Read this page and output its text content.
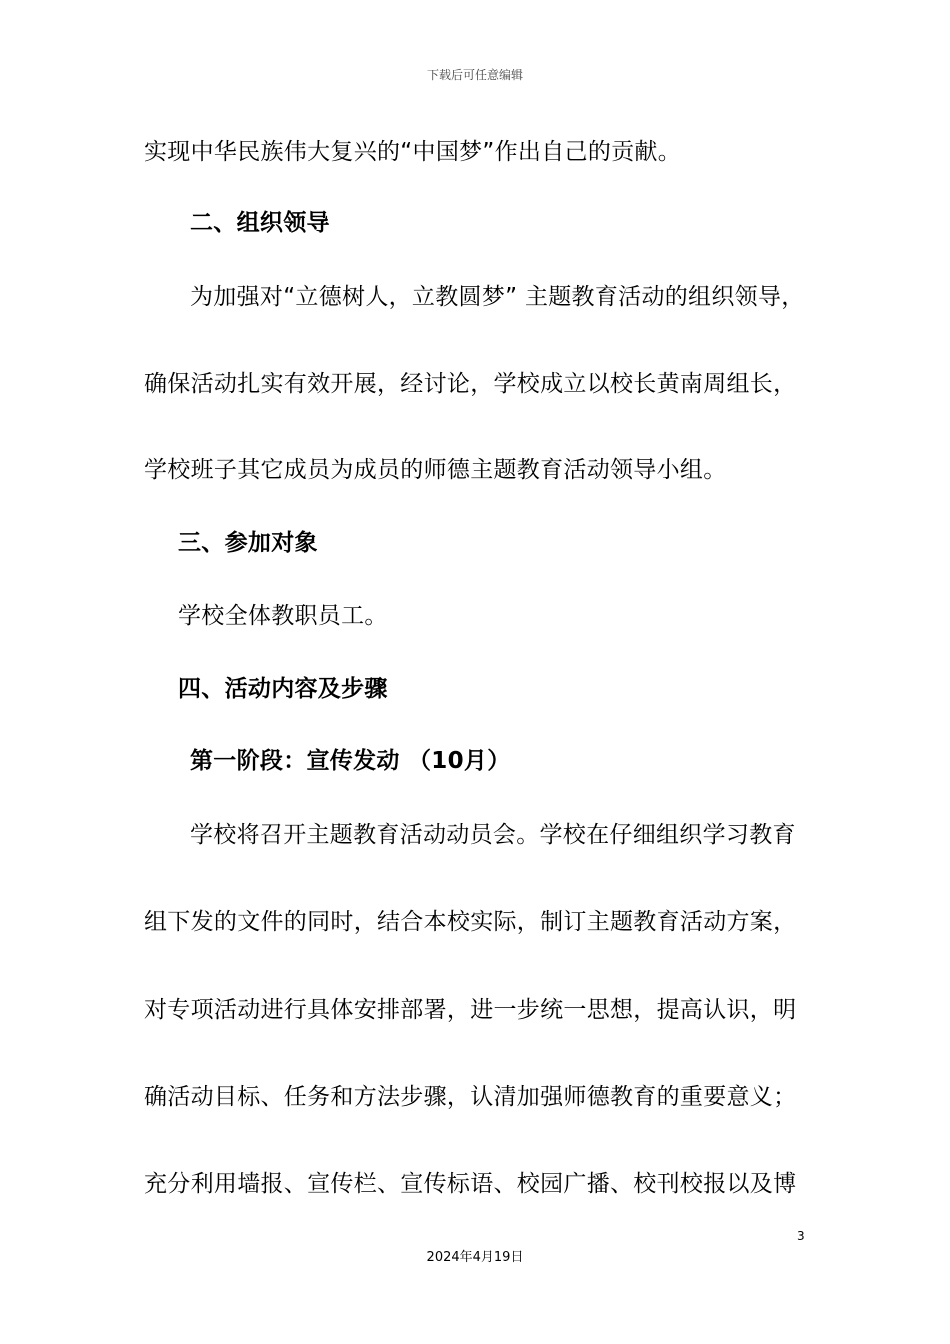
下载后可任意编辑
实现中华民族伟大复兴的“中国梦”作出自己的贡献。
二、组织领导
为加强对“立德树人，立教圆梦” 主题教育活动的组织领导，
确保活动扎实有效开展，经讨论，学校成立以校长黄南周组长，
学校班子其它成员为成员的师德主题教育活动领导小组。
三、参加对象
学校全体教职员工。
四、活动内容及步骤
第一阶段：宣传发动 （10月）
学校将召开主题教育活动动员会。学校在仔细组织学习教育
组下发的文件的同时，结合本校实际，制订主题教育活动方案，
对专项活动进行具体安排部署，进一步统一思想，提高认识，明
确活动目标、任务和方法步骤，认清加强师德教育的重要意义；
充分利用墙报、宣传栏、宣传标语、校园广播、校刊校报以及博
3
2024年4月19日
